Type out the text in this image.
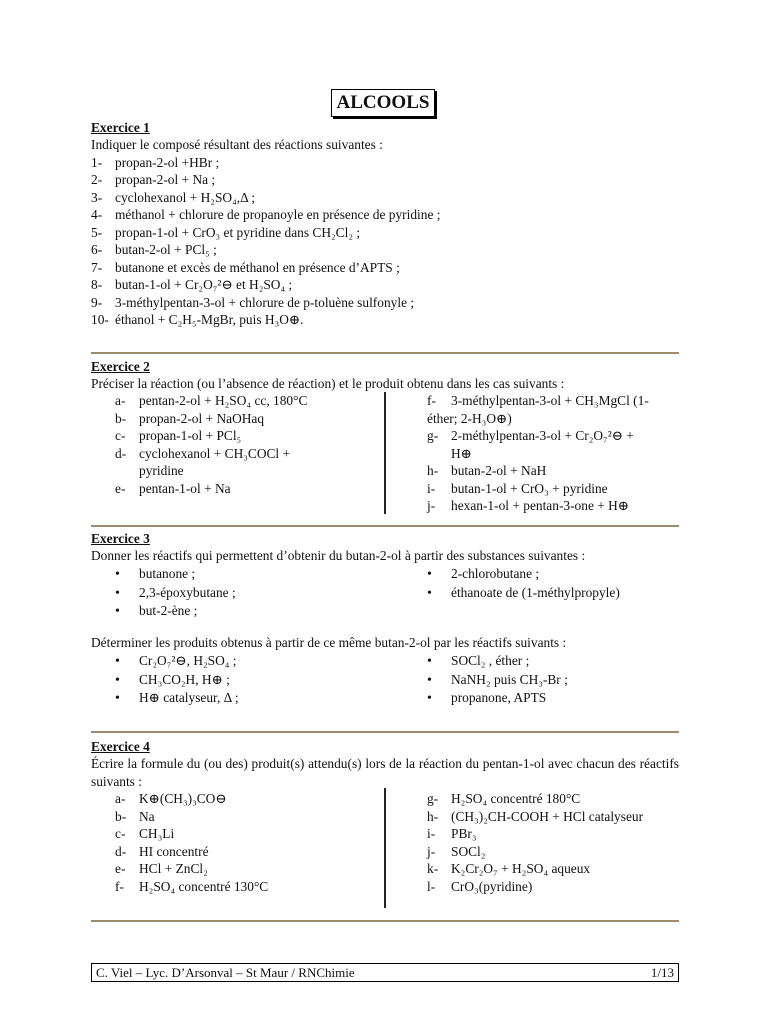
ALCOOLS
Exercice 1
Indiquer le composé résultant des réactions suivantes :
1- propan-2-ol +HBr ;
2- propan-2-ol + Na ;
3- cyclohexanol + H₂SO₄,Δ ;
4- méthanol + chlorure de propanoyle en présence de pyridine ;
5- propan-1-ol + CrO₃ et pyridine dans CH₂Cl₂ ;
6- butan-2-ol + PCl₅ ;
7- butanone et excès de méthanol en présence d’APTS ;
8- butan-1-ol + Cr₂O₇²⊖ et H₂SO₄ ;
9- 3-méthylpentan-3-ol + chlorure de p-toluène sulfonyle ;
10- éthanol + C₂H₅-MgBr, puis H₃O⊕.
Exercice 2
Préciser la réaction (ou l’absence de réaction) et le produit obtenu dans les cas suivants :
a- pentan-2-ol + H₂SO₄ cc, 180°C
b- propan-2-ol + NaOHaq
c- propan-1-ol + PCl₅
d- cyclohexanol + CH₃COCl +
pyridine
e- pentan-1-ol + Na
f- 3-méthylpentan-3-ol + CH₃MgCl (1-
éther; 2-H₃O⊕)
g- 2-méthylpentan-3-ol + Cr₂O₇²⊖ +
H⊕
h- butan-2-ol + NaH
i- butan-1-ol + CrO₃ + pyridine
j- hexan-1-ol + pentan-3-one + H⊕
Exercice 3
Donner les réactifs qui permettent d’obtenir du butan-2-ol à partir des substances suivantes :
•butanone ;
•2,3-époxybutane ;
•but-2-ène ;
•2-chlorobutane ;
•éthanoate de (1-méthylpropyle)
Déterminer les produits obtenus à partir de ce même butan-2-ol par les réactifs suivants :
•Cr₂O₇²⊖, H₂SO₄ ;
•CH₃CO₂H, H⊕ ;
•H⊕ catalyseur, Δ ;
•SOCl₂ , éther ;
•NaNH₂ puis CH₃-Br ;
•propanone, APTS
Exercice 4
Écrire la formule du (ou des) produit(s) attendu(s) lors de la réaction du pentan-1-ol avec chacun des réactifs suivants :
a- K⊕(CH₃)₃CO⊖
b- Na
c- CH₃Li
d- HI concentré
e- HCl + ZnCl₂
f- H₂SO₄ concentré 130°C
g- H₂SO₄ concentré 180°C
h- (CH₃)₂CH-COOH + HCl catalyseur
i- PBr₃
j- SOCl₂
k- K₂Cr₂O₇ + H₂SO₄ aqueux
l- CrO₃(pyridine)
C. Viel – Lyc. D’Arsonval – St Maur / RNChimie	1/13
